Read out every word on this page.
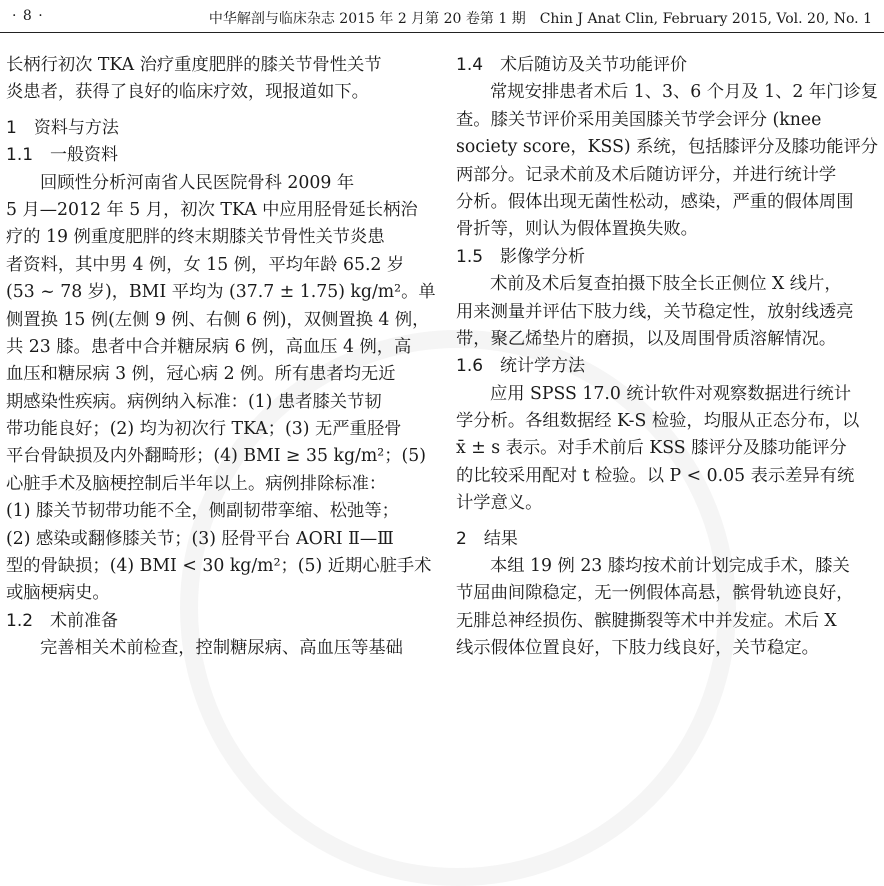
· 8 ·	中华解剖与临床杂志 2015 年 2 月第 20 卷第 1 期　Chin J Anat Clin, February 2015, Vol. 20, No. 1
长柄行初次 TKA 治疗重度肥胖的膝关节骨性关节
炎患者，获得了良好的临床疗效，现报道如下。
1　资料与方法
1.1　一般资料
回顾性分析河南省人民医院骨科 2009 年
5 月—2012 年 5 月，初次 TKA 中应用胫骨延长柄治
疗的 19 例重度肥胖的终末期膝关节骨性关节炎患
者资料，其中男 4 例，女 15 例，平均年龄 65.2 岁
(53 ~ 78 岁)，BMI 平均为 (37.7 ± 1.75) kg/m²。单
侧置换 15 例(左侧 9 例、右侧 6 例)，双侧置换 4 例，
共 23 膝。患者中合并糖尿病 6 例，高血压 4 例，高
血压和糖尿病 3 例，冠心病 2 例。所有患者均无近
期感染性疾病。病例纳入标准：(1) 患者膝关节韧
带功能良好；(2) 均为初次行 TKA；(3) 无严重胫骨
平台骨缺损及内外翻畸形；(4) BMI ≥ 35 kg/m²；(5)
心脏手术及脑梗控制后半年以上。病例排除标准：
(1) 膝关节韧带功能不全，侧副韧带挛缩、松弛等；
(2) 感染或翻修膝关节；(3) 胫骨平台 AORI Ⅱ—Ⅲ
型的骨缺损；(4) BMI < 30 kg/m²；(5) 近期心脏手术
或脑梗病史。
1.2　术前准备
完善相关术前检查，控制糖尿病、高血压等基础
1.4　术后随访及关节功能评价
常规安排患者术后 1、3、6 个月及 1、2 年门诊复
查。膝关节评价采用美国膝关节学会评分 (knee
society score，KSS) 系统，包括膝评分及膝功能评分
两部分。记录术前及术后随访评分，并进行统计学
分析。假体出现无菌性松动，感染，严重的假体周围
骨折等，则认为假体置换失败。
1.5　影像学分析
术前及术后复查拍摄下肢全长正侧位 X 线片，
用来测量并评估下肢力线，关节稳定性，放射线透亮
带，聚乙烯垫片的磨损，以及周围骨质溶解情况。
1.6　统计学方法
应用 SPSS 17.0 统计软件对观察数据进行统计
学分析。各组数据经 K-S 检验，均服从正态分布，以
x̄ ± s 表示。对手术前后 KSS 膝评分及膝功能评分
的比较采用配对 t 检验。以 P < 0.05 表示差异有统
计学意义。
2　结果
本组 19 例 23 膝均按术前计划完成手术，膝关
节屈曲间隙稳定，无一例假体高悬，髌骨轨迹良好，
无腓总神经损伤、髌腱撕裂等术中并发症。术后 X
线示假体位置良好，下肢力线良好，关节稳定。
